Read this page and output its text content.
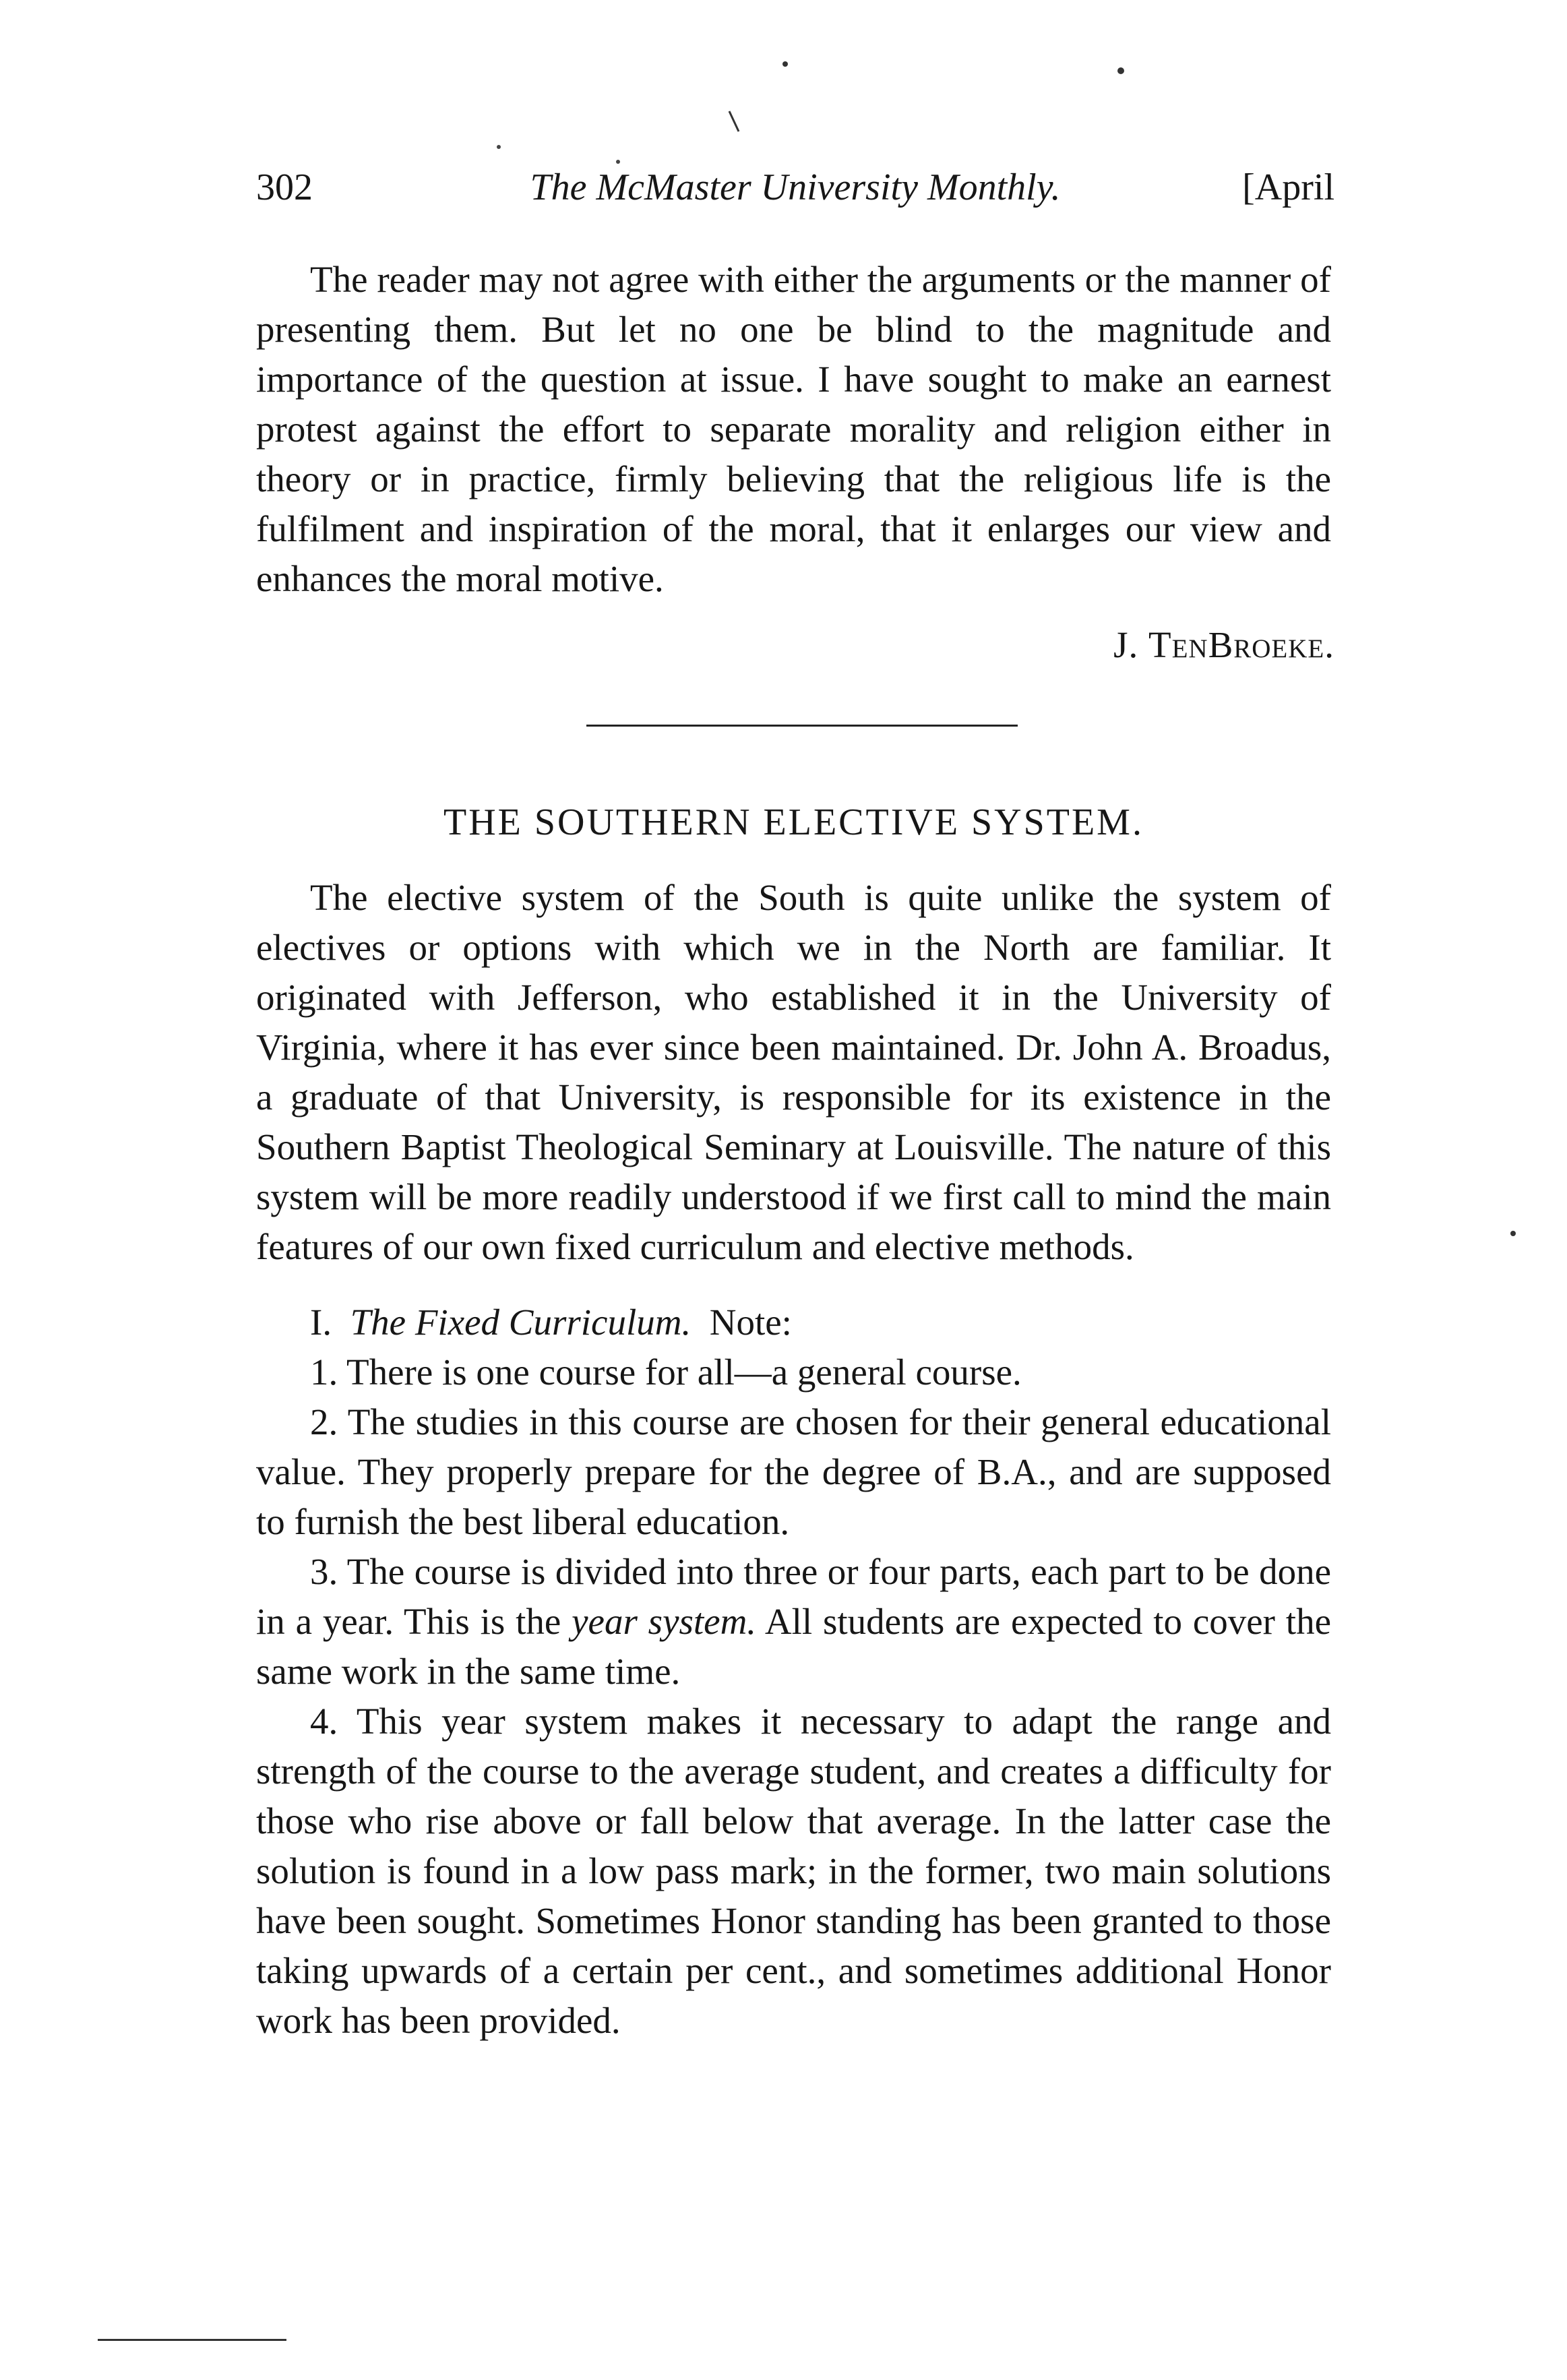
302	The McMaster University Monthly.	[April

The reader may not agree with either the arguments or the manner of presenting them. But let no one be blind to the magnitude and importance of the question at issue. I have sought to make an earnest protest against the effort to separate morality and religion either in theory or in practice, firmly believing that the religious life is the fulfilment and inspiration of the moral, that it enlarges our view and enhances the moral motive.

J. TenBroeke.
THE SOUTHERN ELECTIVE SYSTEM.

The elective system of the South is quite unlike the system of electives or options with which we in the North are familiar. It originated with Jefferson, who established it in the University of Virginia, where it has ever since been maintained. Dr. John A. Broadus, a graduate of that University, is responsible for its existence in the Southern Baptist Theological Seminary at Louisville. The nature of this system will be more readily understood if we first call to mind the main features of our own fixed curriculum and elective methods.

I. The Fixed Curriculum. Note:

1. There is one course for all—a general course.

2. The studies in this course are chosen for their general educational value. They properly prepare for the degree of B.A., and are supposed to furnish the best liberal education.

3. The course is divided into three or four parts, each part to be done in a year. This is the year system. All students are expected to cover the same work in the same time.

4. This year system makes it necessary to adapt the range and strength of the course to the average student, and creates a difficulty for those who rise above or fall below that average. In the latter case the solution is found in a low pass mark; in the former, two main solutions have been sought. Sometimes Honor standing has been granted to those taking upwards of a certain per cent., and sometimes additional Honor work has been provided.
